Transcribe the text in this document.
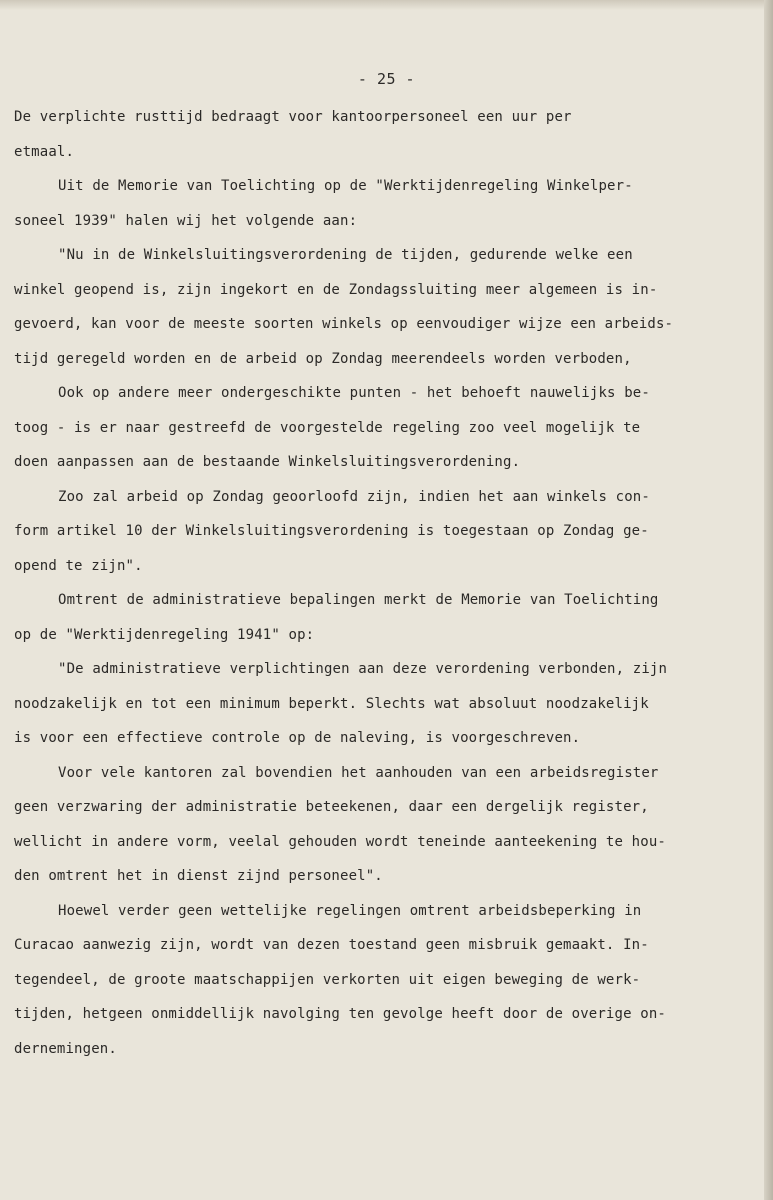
- 25 -
De verplichte rusttijd bedraagt voor kantoorpersoneel een uur per
etmaal.
Uit de Memorie van Toelichting op de "Werktijdenregeling Winkelper-
soneel 1939" halen wij het volgende aan:
"Nu in de Winkelsluitingsverordening de tijden, gedurende welke een
winkel geopend is, zijn ingekort en de Zondagssluiting meer algemeen is in-
gevoerd, kan voor de meeste soorten winkels op eenvoudiger wijze een arbeids-
tijd geregeld worden en de arbeid op Zondag meerendeels worden verboden,
Ook op andere meer ondergeschikte punten - het behoeft nauwelijks be-
toog - is er naar gestreefd de voorgestelde regeling zoo veel mogelijk te
doen aanpassen aan de bestaande Winkelsluitingsverordening.
Zoo zal arbeid op Zondag geoorloofd zijn, indien het aan winkels con-
form artikel 10 der Winkelsluitingsverordening is toegestaan op Zondag ge-
opend te zijn".
Omtrent de administratieve bepalingen merkt de Memorie van Toelichting
op de "Werktijdenregeling 1941" op:
"De administratieve verplichtingen aan deze verordening verbonden, zijn
noodzakelijk en tot een minimum beperkt. Slechts wat absoluut noodzakelijk
is voor een effectieve controle op de naleving, is voorgeschreven.
Voor vele kantoren zal bovendien het aanhouden van een arbeidsregister
geen verzwaring der administratie beteekenen, daar een dergelijk register,
wellicht in andere vorm, veelal gehouden wordt teneinde aanteekening te hou-
den omtrent het in dienst zijnd personeel".
Hoewel verder geen wettelijke regelingen omtrent arbeidsbeperking in
Curacao aanwezig zijn, wordt van dezen toestand geen misbruik gemaakt. In-
tegendeel, de groote maatschappijen verkorten uit eigen beweging de werk-
tijden, hetgeen onmiddellijk navolging ten gevolge heeft door de overige on-
dernemingen.
